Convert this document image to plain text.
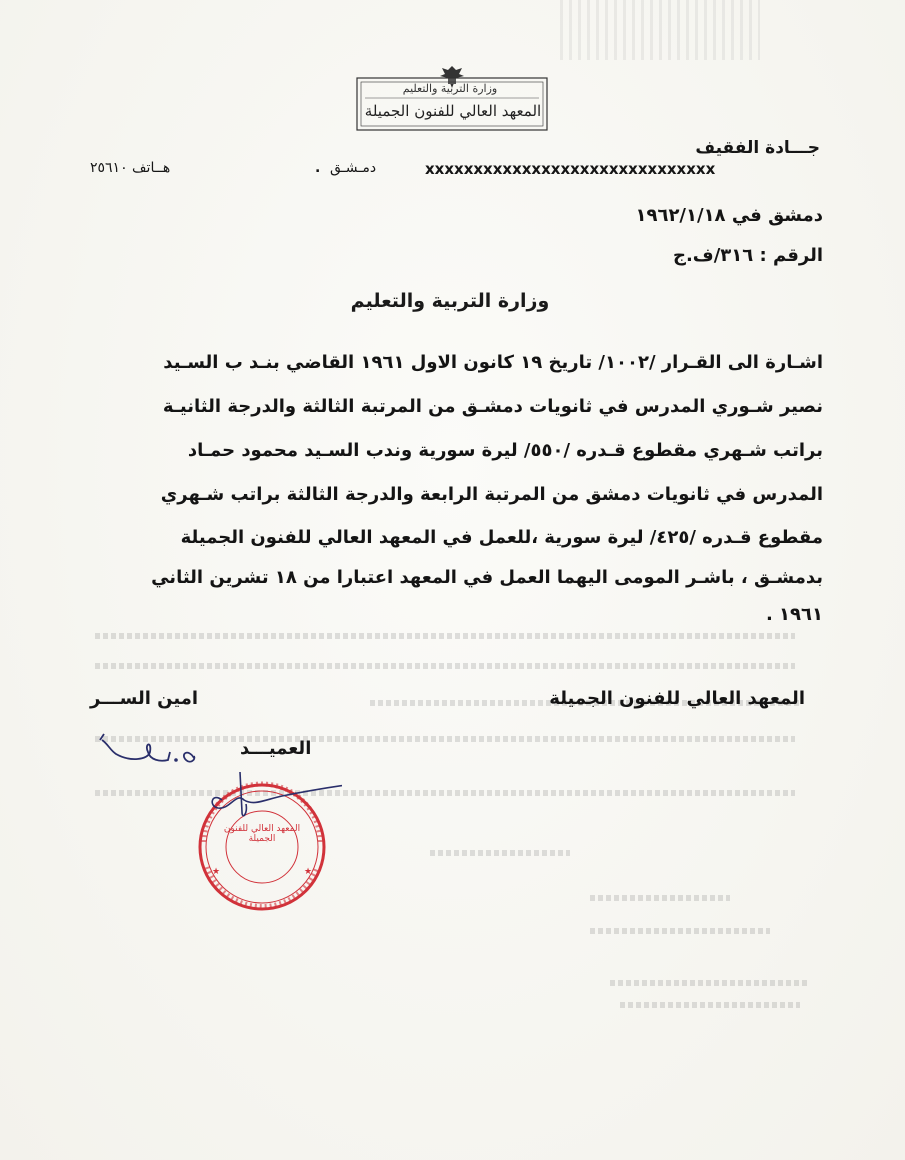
وزارة التربية والتعليم
المعهد العالي للفنون الجميلة
هــاتف ٢٥٦١٠	دمـشـق
.	xxxxxxxxxxxxxxxxxxxxxxxxxxxxxx
جـــادة الفقيف
دمشق في ١٩٦٢/١/١٨
الرقم : ٣١٦/ف.ج
وزارة التربية والتعليم
اشـارة الى القـرار /١٠٠٢/ تاريخ ١٩ كانون الاول ١٩٦١ القاضي بنـد ب السـيد
نصير شـوري المدرس في ثانويات دمشـق من المرتبة الثالثة والدرجة الثانيـة
براتب شـهري مقطوع قـدره /٥٥٠/ ليرة سورية وندب السـيد محمود حمـاد
المدرس في ثانويات دمشق من المرتبة الرابعة والدرجة الثالثة براتب شـهري
مقطوع قـدره /٤٢٥/ ليرة سورية ،للعمل في المعهد العالي للفنون الجميلة
بدمشـق ، باشـر المومى اليهما العمل في المعهد اعتبارا من ١٨ تشرين الثاني
١٩٦١ .
امين الســـر	المعهد العالي للفنون الجميلة
العميـــد
★	★
المعهد العالي للفنون الجميلة
